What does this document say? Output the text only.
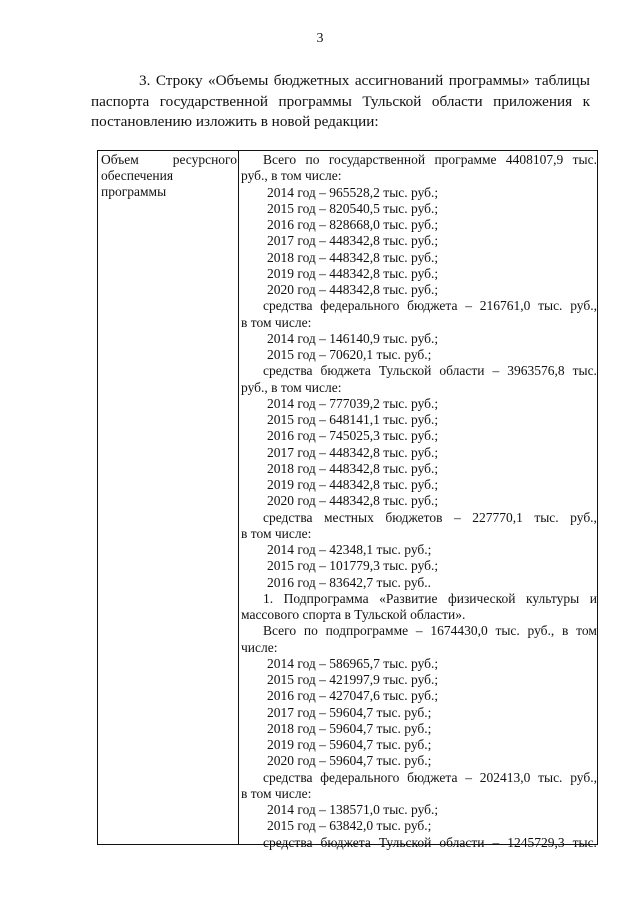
3

3. Строку «Объемы бюджетных ассигнований программы» таблицы паспорта государственной программы Тульской области приложения к постановлению изложить в новой редакции:

Объем	ресурсного
обеспечения
программы
Всего по государственной программе 4408107,9 тыс.
руб., в том числе:
2014 год – 965528,2 тыс. руб.;
2015 год – 820540,5 тыс. руб.;
2016 год – 828668,0 тыс. руб.;
2017 год – 448342,8 тыс. руб.;
2018 год – 448342,8 тыс. руб.;
2019 год – 448342,8 тыс. руб.;
2020 год – 448342,8 тыс. руб.;
средства федерального бюджета – 216761,0 тыс. руб.,
в том числе:
2014 год – 146140,9 тыс. руб.;
2015 год – 70620,1 тыс. руб.;
средства бюджета Тульской области – 3963576,8 тыс.
руб., в том числе:
2014 год – 777039,2 тыс. руб.;
2015 год – 648141,1 тыс. руб.;
2016 год – 745025,3 тыс. руб.;
2017 год – 448342,8 тыс. руб.;
2018 год – 448342,8 тыс. руб.;
2019 год – 448342,8 тыс. руб.;
2020 год – 448342,8 тыс. руб.;
средства местных бюджетов – 227770,1 тыс. руб.,
в том числе:
2014 год – 42348,1 тыс. руб.;
2015 год – 101779,3 тыс. руб.;
2016 год – 83642,7 тыс. руб..
1. Подпрограмма «Развитие физической культуры и
массового спорта в Тульской области».
Всего по подпрограмме – 1674430,0 тыс. руб., в том
числе:
2014 год – 586965,7 тыс. руб.;
2015 год – 421997,9 тыс. руб.;
2016 год – 427047,6 тыс. руб.;
2017 год – 59604,7 тыс. руб.;
2018 год – 59604,7 тыс. руб.;
2019 год – 59604,7 тыс. руб.;
2020 год – 59604,7 тыс. руб.;
средства федерального бюджета – 202413,0 тыс. руб.,
в том числе:
2014 год – 138571,0 тыс. руб.;
2015 год – 63842,0 тыс. руб.;
средства бюджета Тульской области – 1245729,3 тыс.
